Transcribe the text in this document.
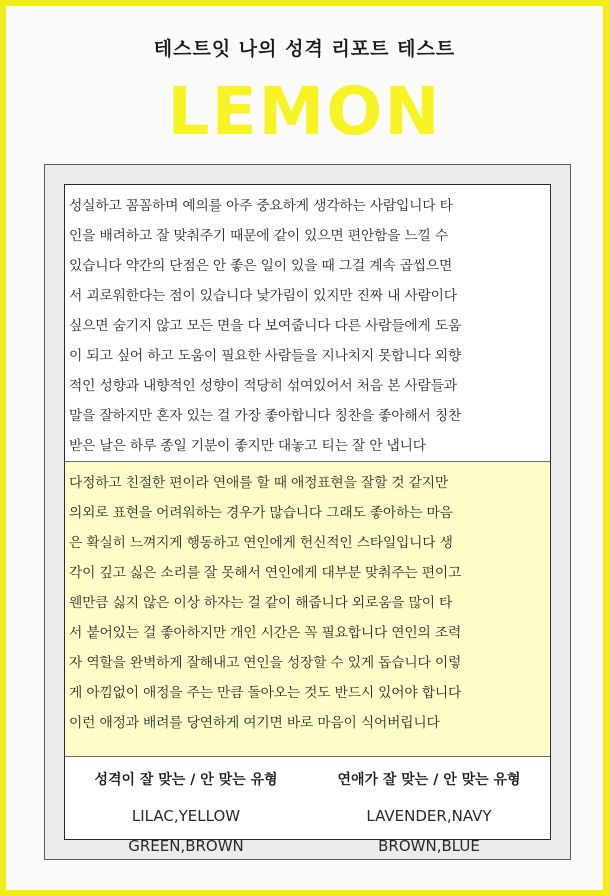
테스트잇 나의 성격 리포트 테스트
LEMON
성실하고 꼼꼼하며 예의를 아주 중요하게 생각하는 사람입니다 타
인을 배려하고 잘 맞춰주기 때문에 같이 있으면 편안함을 느낄 수
있습니다 약간의 단점은 안 좋은 일이 있을 때 그걸 계속 곱씹으면
서 괴로워한다는 점이 있습니다 낯가림이 있지만 진짜 내 사람이다
싶으면 숨기지 않고 모든 면을 다 보여줍니다 다른 사람들에게 도움
이 되고 싶어 하고 도움이 필요한 사람들을 지나치지 못합니다 외향
적인 성향과 내향적인 성향이 적당히 섞여있어서 처음 본 사람들과
말을 잘하지만 혼자 있는 걸 가장 좋아합니다 칭찬을 좋아해서 칭찬
받은 날은 하루 종일 기분이 좋지만 대놓고 티는 잘 안 냅니다
다정하고 친절한 편이라 연애를 할 때 애정표현을 잘할 것 같지만
의외로 표현을 어려워하는 경우가 많습니다 그래도 좋아하는 마음
은 확실히 느껴지게 행동하고 연인에게 헌신적인 스타일입니다 생
각이 깊고 싫은 소리를 잘 못해서 연인에게 대부분 맞춰주는 편이고
웬만큼 싫지 않은 이상 하자는 걸 같이 해줍니다 외로움을 많이 타
서 붙어있는 걸 좋아하지만 개인 시간은 꼭 필요합니다 연인의 조력
자 역할을 완벽하게 잘해내고 연인을 성장할 수 있게 돕습니다 이렇
게 아낌없이 애정을 주는 만큼 돌아오는 것도 반드시 있어야 합니다
이런 애정과 배려를 당연하게 여기면 바로 마음이 식어버립니다
성격이 잘 맞는 / 안 맞는 유형
LILAC,YELLOW
GREEN,BROWN
연애가 잘 맞는 / 안 맞는 유형
LAVENDER,NAVY
BROWN,BLUE
